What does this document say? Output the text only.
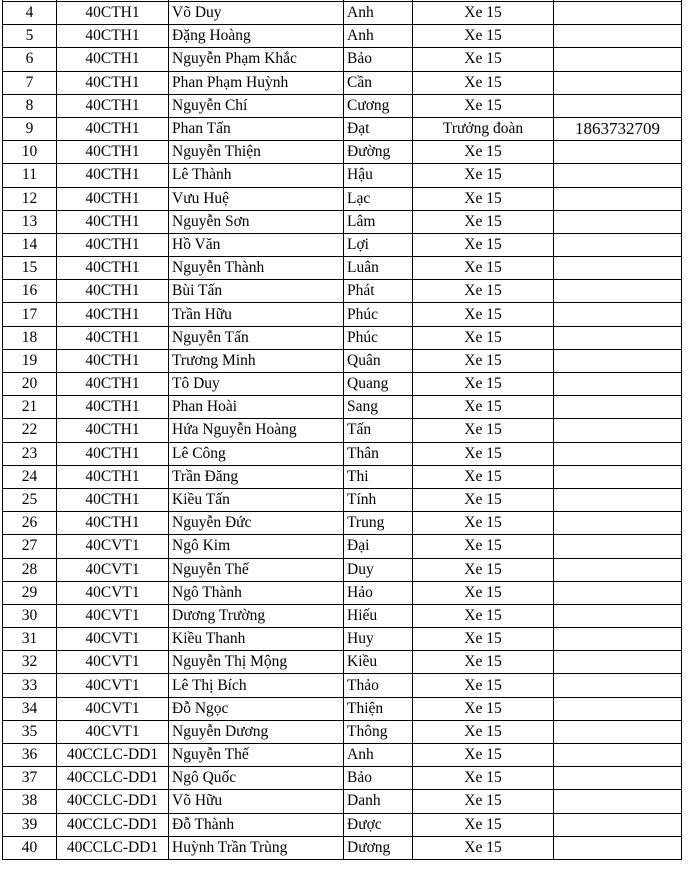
4	40CTH1	Võ Duy	Anh	Xe 15	
5	40CTH1	Đặng Hoàng	Anh	Xe 15	
6	40CTH1	Nguyễn Phạm Khắc	Bảo	Xe 15	
7	40CTH1	Phan Phạm Huỳnh	Cần	Xe 15	
8	40CTH1	Nguyễn Chí	Cương	Xe 15	
9	40CTH1	Phan Tấn	Đạt	Trưởng đoàn	1863732709
10	40CTH1	Nguyễn Thiện	Đường	Xe 15	
11	40CTH1	Lê Thành	Hậu	Xe 15	
12	40CTH1	Vưu Huệ	Lạc	Xe 15	
13	40CTH1	Nguyễn Sơn	Lâm	Xe 15	
14	40CTH1	Hồ Văn	Lợi	Xe 15	
15	40CTH1	Nguyễn Thành	Luân	Xe 15	
16	40CTH1	Bùi Tấn	Phát	Xe 15	
17	40CTH1	Trần Hữu	Phúc	Xe 15	
18	40CTH1	Nguyễn Tấn	Phúc	Xe 15	
19	40CTH1	Trương Minh	Quân	Xe 15	
20	40CTH1	Tô Duy	Quang	Xe 15	
21	40CTH1	Phan Hoài	Sang	Xe 15	
22	40CTH1	Hứa Nguyễn Hoàng	Tấn	Xe 15	
23	40CTH1	Lê Công	Thân	Xe 15	
24	40CTH1	Trần Đăng	Thi	Xe 15	
25	40CTH1	Kiều Tấn	Tính	Xe 15	
26	40CTH1	Nguyễn Đức	Trung	Xe 15	
27	40CVT1	Ngô Kim	Đại	Xe 15	
28	40CVT1	Nguyễn Thế	Duy	Xe 15	
29	40CVT1	Ngô Thành	Hảo	Xe 15	
30	40CVT1	Dương Trường	Hiếu	Xe 15	
31	40CVT1	Kiều Thanh	Huy	Xe 15	
32	40CVT1	Nguyễn Thị Mộng	Kiều	Xe 15	
33	40CVT1	Lê Thị Bích	Thảo	Xe 15	
34	40CVT1	Đỗ Ngọc	Thiện	Xe 15	
35	40CVT1	Nguyễn Dương	Thông	Xe 15	
36	40CCLC-DD1	Nguyễn Thế	Anh	Xe 15	
37	40CCLC-DD1	Ngô Quốc	Bảo	Xe 15	
38	40CCLC-DD1	Võ Hữu	Danh	Xe 15	
39	40CCLC-DD1	Đỗ Thành	Được	Xe 15	
40	40CCLC-DD1	Huỳnh Trần Trùng	Dương	Xe 15	
